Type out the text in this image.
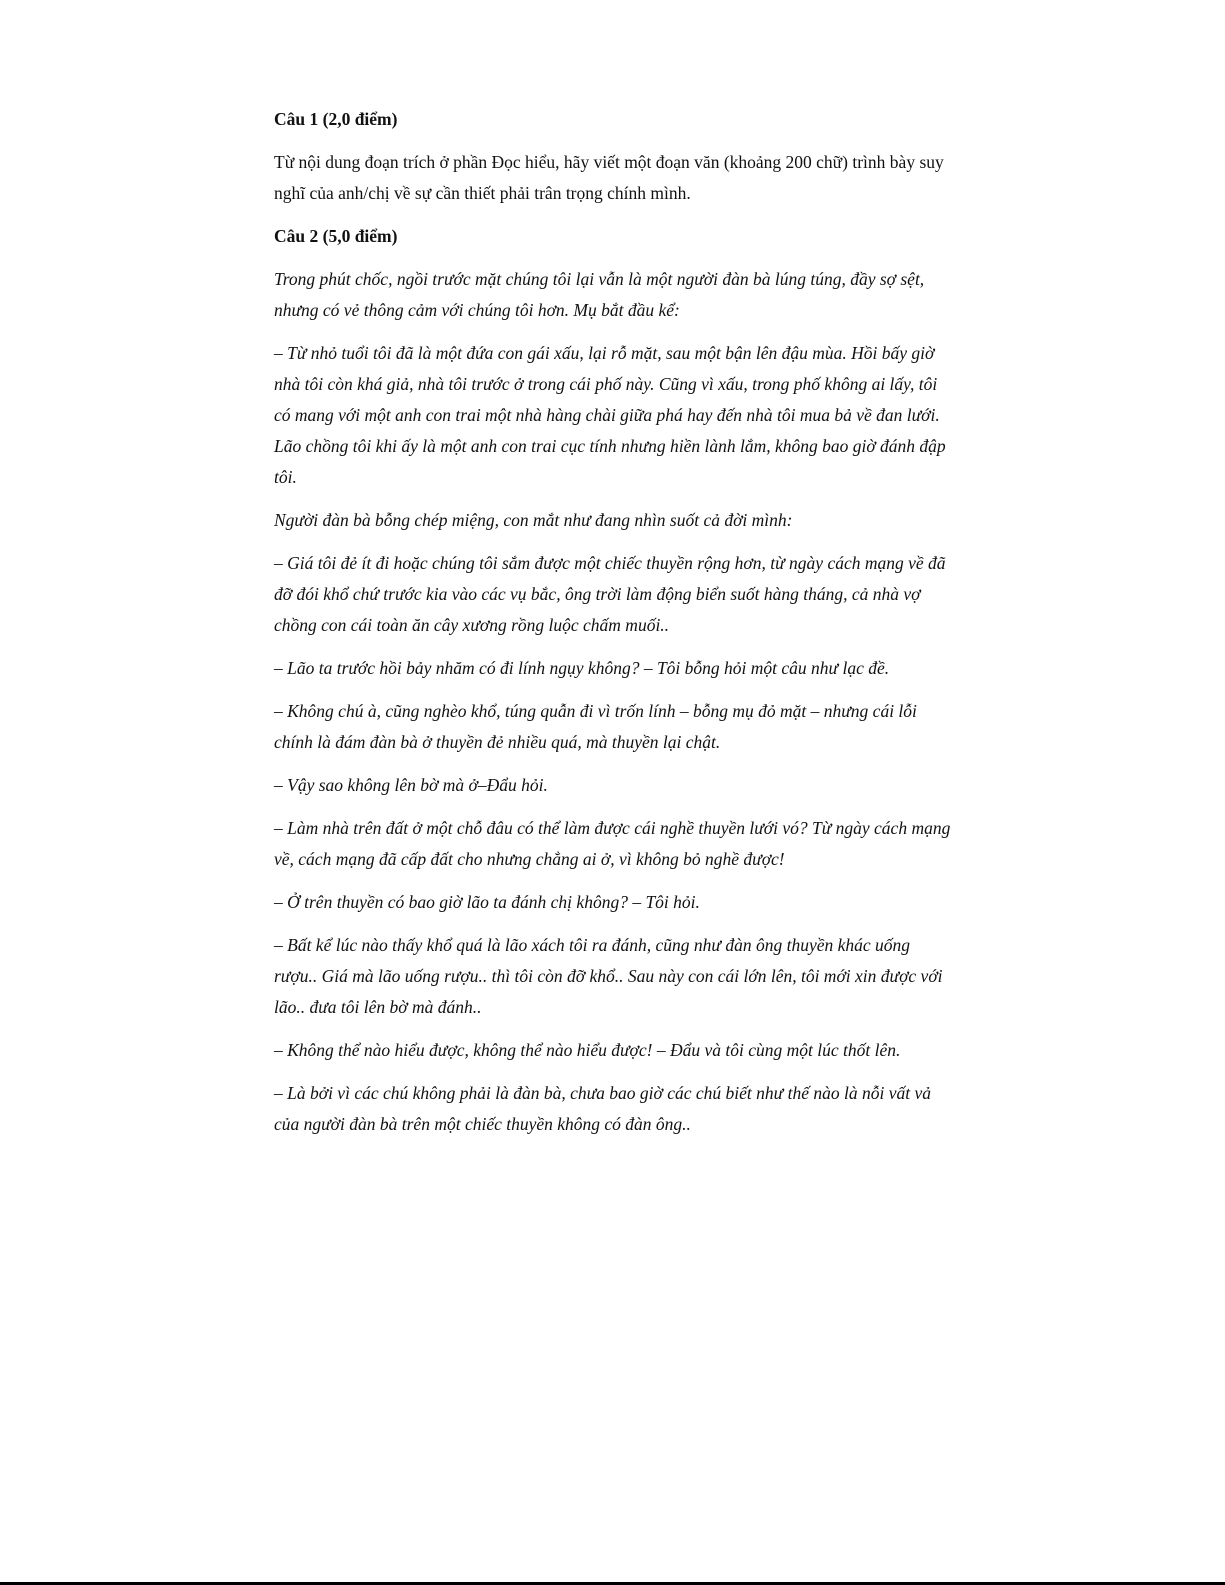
Câu 1 (2,0 điểm)

Từ nội dung đoạn trích ở phần Đọc hiểu, hãy viết một đoạn văn (khoảng 200 chữ) trình bày suy nghĩ của anh/chị về sự cần thiết phải trân trọng chính mình.

Câu 2 (5,0 điểm)

Trong phút chốc, ngồi trước mặt chúng tôi lại vẫn là một người đàn bà lúng túng, đầy sợ sệt, nhưng có vẻ thông cảm với chúng tôi hơn. Mụ bắt đầu kể:

– Từ nhỏ tuổi tôi đã là một đứa con gái xấu, lại rỗ mặt, sau một bận lên đậu mùa. Hồi bấy giờ nhà tôi còn khá giả, nhà tôi trước ở trong cái phố này. Cũng vì xấu, trong phố không ai lấy, tôi có mang với một anh con trai một nhà hàng chài giữa phá hay đến nhà tôi mua bả về đan lưới. Lão chồng tôi khi ấy là một anh con trai cục tính nhưng hiền lành lắm, không bao giờ đánh đập tôi.

Người đàn bà bỗng chép miệng, con mắt như đang nhìn suốt cả đời mình:

– Giá tôi đẻ ít đi hoặc chúng tôi sắm được một chiếc thuyền rộng hơn, từ ngày cách mạng về đã đỡ đói khổ chứ trước kia vào các vụ bắc, ông trời làm động biển suốt hàng tháng, cả nhà vợ chồng con cái toàn ăn cây xương rồng luộc chấm muối..

– Lão ta trước hồi bảy nhăm có đi lính ngụy không? – Tôi bỗng hỏi một câu như lạc đề.

– Không chú à, cũng nghèo khổ, túng quẫn đi vì trốn lính – bỗng mụ đỏ mặt – nhưng cái lỗi chính là đám đàn bà ở thuyền đẻ nhiều quá, mà thuyền lại chật.

– Vậy sao không lên bờ mà ở–Đẩu hỏi.

– Làm nhà trên đất ở một chỗ đâu có thể làm được cái nghề thuyền lưới vó? Từ ngày cách mạng về, cách mạng đã cấp đất cho nhưng chẳng ai ở, vì không bỏ nghề được!

– Ở trên thuyền có bao giờ lão ta đánh chị không? – Tôi hỏi.

– Bất kể lúc nào thấy khổ quá là lão xách tôi ra đánh, cũng như đàn ông thuyền khác uống rượu.. Giá mà lão uống rượu.. thì tôi còn đỡ khổ.. Sau này con cái lớn lên, tôi mới xin được với lão.. đưa tôi lên bờ mà đánh..

– Không thể nào hiểu được, không thể nào hiểu được! – Đẩu và tôi cùng một lúc thốt lên.

– Là bởi vì các chú không phải là đàn bà, chưa bao giờ các chú biết như thế nào là nỗi vất vả của người đàn bà trên một chiếc thuyền không có đàn ông..
